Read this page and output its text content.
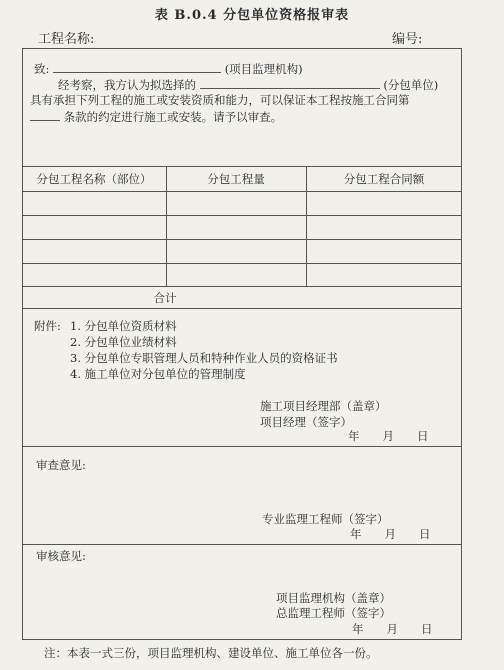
表 B.0.4 分包单位资格报审表
工程名称:	编号:
致:	(项目监理机构)
经考察，我方认为拟选择的	(分包单位)
具有承担下列工程的施工或安装资质和能力，可以保证本工程按施工合同第
条款的约定进行施工或安装。请予以审查。
分包工程名称（部位）	分包工程量	分包工程合同额
合计
附件: 1. 分包单位资质材料
2. 分包单位业绩材料
3. 分包单位专职管理人员和特种作业人员的资格证书
4. 施工单位对分包单位的管理制度
施工项目经理部（盖章）
项目经理（签字）
年　　月　　日
审查意见:
专业监理工程师（签字）
年　　月　　日
审核意见:
项目监理机构（盖章）
总监理工程师（签字）
年　　月　　日
注：本表一式三份，项目监理机构、建设单位、施工单位各一份。
